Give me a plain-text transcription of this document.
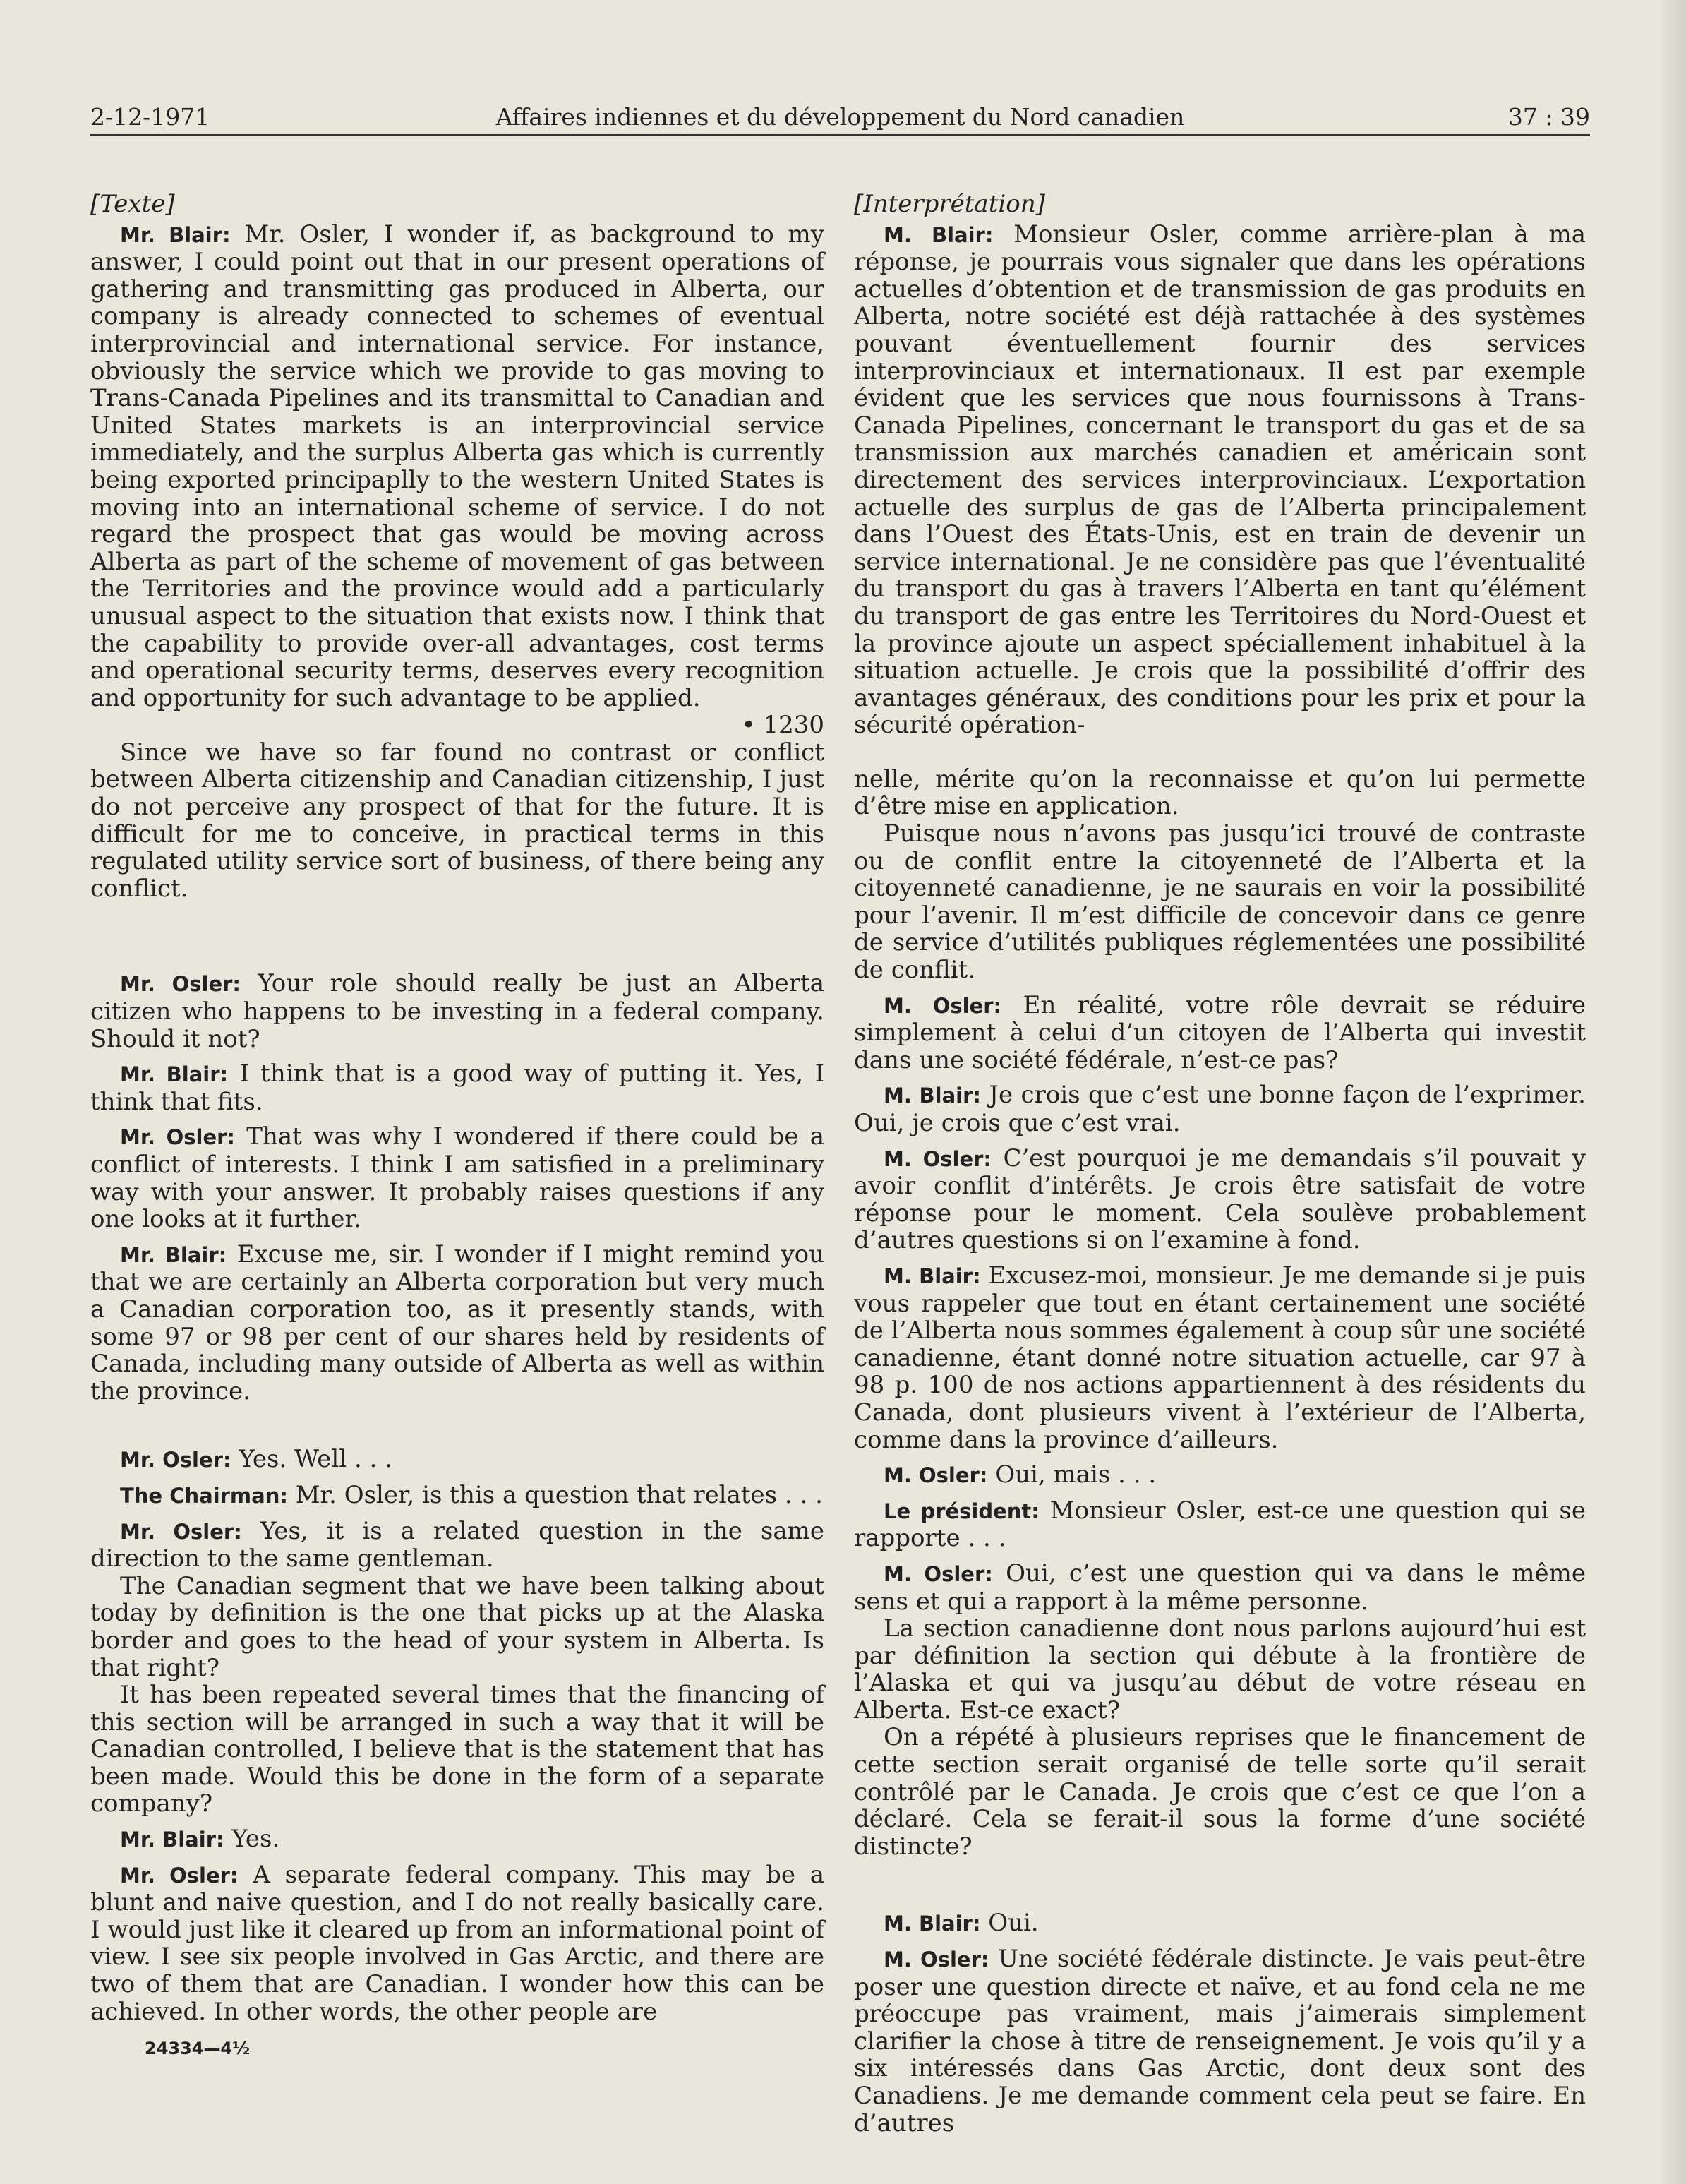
2-12-1971	Affaires indiennes et du développement du Nord canadien	37 : 39

[Texte]

Mr. Blair: Mr. Osler, I wonder if, as background to my answer, I could point out that in our present operations of gathering and transmitting gas produced in Alberta, our company is already connected to schemes of eventual interprovincial and international service. For instance, obviously the service which we provide to gas moving to Trans-Canada Pipelines and its transmittal to Canadian and United States markets is an interprovincial service immediately, and the surplus Alberta gas which is currently being exported principaplly to the western United States is moving into an international scheme of service. I do not regard the prospect that gas would be moving across Alberta as part of the scheme of movement of gas between the Territories and the province would add a particularly unusual aspect to the situation that exists now. I think that the capability to provide over-all advantages, cost terms and operational security terms, deserves every recognition and opportunity for such advantage to be applied.

• 1230

Since we have so far found no contrast or conflict between Alberta citizenship and Canadian citizenship, I just do not perceive any prospect of that for the future. It is difficult for me to conceive, in practical terms in this regulated utility service sort of business, of there being any conflict.

Mr. Osler: Your role should really be just an Alberta citizen who happens to be investing in a federal company. Should it not?

Mr. Blair: I think that is a good way of putting it. Yes, I think that fits.

Mr. Osler: That was why I wondered if there could be a conflict of interests. I think I am satisfied in a preliminary way with your answer. It probably raises questions if any one looks at it further.

Mr. Blair: Excuse me, sir. I wonder if I might remind you that we are certainly an Alberta corporation but very much a Canadian corporation too, as it presently stands, with some 97 or 98 per cent of our shares held by residents of Canada, including many outside of Alberta as well as within the province.

Mr. Osler: Yes. Well . . .

The Chairman: Mr. Osler, is this a question that relates . . .

Mr. Osler: Yes, it is a related question in the same direction to the same gentleman.

The Canadian segment that we have been talking about today by definition is the one that picks up at the Alaska border and goes to the head of your system in Alberta. Is that right?

It has been repeated several times that the financing of this section will be arranged in such a way that it will be Canadian controlled, I believe that is the statement that has been made. Would this be done in the form of a separate company?

Mr. Blair: Yes.

Mr. Osler: A separate federal company. This may be a blunt and naive question, and I do not really basically care. I would just like it cleared up from an informational point of view. I see six people involved in Gas Arctic, and there are two of them that are Canadian. I wonder how this can be achieved. In other words, the other people are

[Interprétation]

M. Blair: Monsieur Osler, comme arrière-plan à ma réponse, je pourrais vous signaler que dans les opérations actuelles d’obtention et de transmission de gas produits en Alberta, notre société est déjà rattachée à des systèmes pouvant éventuellement fournir des services interprovinciaux et internationaux. Il est par exemple évident que les services que nous fournissons à Trans-Canada Pipelines, concernant le transport du gas et de sa transmission aux marchés canadien et américain sont directement des services interprovinciaux. L’exportation actuelle des surplus de gas de l’Alberta principalement dans l’Ouest des États-Unis, est en train de devenir un service international. Je ne considère pas que l’éventualité du transport du gas à travers l’Alberta en tant qu’élément du transport de gas entre les Territoires du Nord-Ouest et la province ajoute un aspect spéciallement inhabituel à la situation actuelle. Je crois que la possibilité d’offrir des avantages généraux, des conditions pour les prix et pour la sécurité opération-

nelle, mérite qu’on la reconnaisse et qu’on lui permette d’être mise en application.

Puisque nous n’avons pas jusqu’ici trouvé de contraste ou de conflit entre la citoyenneté de l’Alberta et la citoyenneté canadienne, je ne saurais en voir la possibilité pour l’avenir. Il m’est difficile de concevoir dans ce genre de service d’utilités publiques réglementées une possibilité de conflit.

M. Osler: En réalité, votre rôle devrait se réduire simplement à celui d’un citoyen de l’Alberta qui investit dans une société fédérale, n’est-ce pas?

M. Blair: Je crois que c’est une bonne façon de l’exprimer. Oui, je crois que c’est vrai.

M. Osler: C’est pourquoi je me demandais s’il pouvait y avoir conflit d’intérêts. Je crois être satisfait de votre réponse pour le moment. Cela soulève probablement d’autres questions si on l’examine à fond.

M. Blair: Excusez-moi, monsieur. Je me demande si je puis vous rappeler que tout en étant certainement une société de l’Alberta nous sommes également à coup sûr une société canadienne, étant donné notre situation actuelle, car 97 à 98 p. 100 de nos actions appartiennent à des résidents du Canada, dont plusieurs vivent à l’extérieur de l’Alberta, comme dans la province d’ailleurs.

M. Osler: Oui, mais . . .

Le président: Monsieur Osler, est-ce une question qui se rapporte . . .

M. Osler: Oui, c’est une question qui va dans le même sens et qui a rapport à la même personne.

La section canadienne dont nous parlons aujourd’hui est par définition la section qui débute à la frontière de l’Alaska et qui va jusqu’au début de votre réseau en Alberta. Est-ce exact?

On a répété à plusieurs reprises que le financement de cette section serait organisé de telle sorte qu’il serait contrôlé par le Canada. Je crois que c’est ce que l’on a déclaré. Cela se ferait-il sous la forme d’une société distincte?

M. Blair: Oui.

M. Osler: Une société fédérale distincte. Je vais peut-être poser une question directe et naïve, et au fond cela ne me préoccupe pas vraiment, mais j’aimerais simplement clarifier la chose à titre de renseignement. Je vois qu’il y a six intéressés dans Gas Arctic, dont deux sont des Canadiens. Je me demande comment cela peut se faire. En d’autres

24334—4½
